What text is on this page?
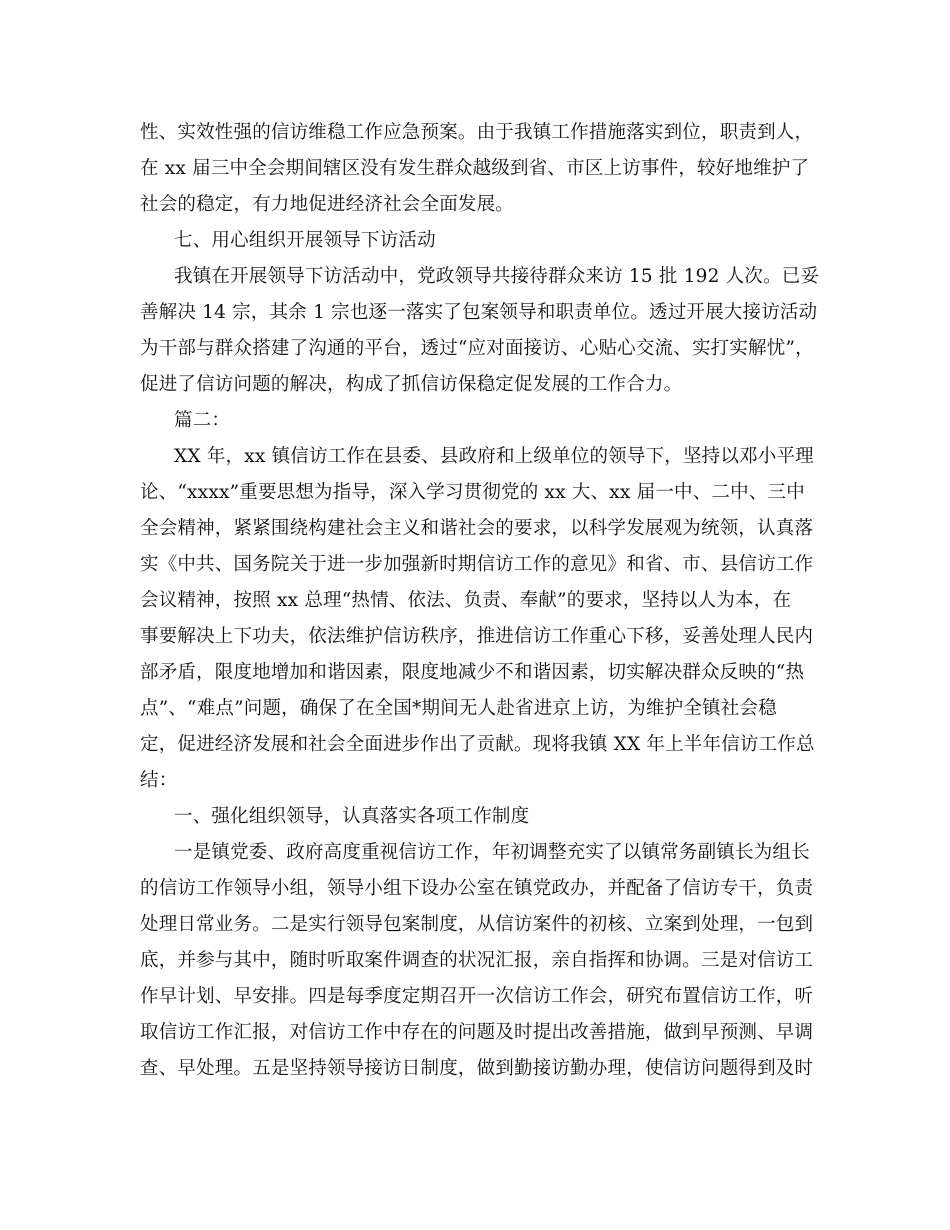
性、实效性强的信访维稳工作应急预案。由于我镇工作措施落实到位，职责到人，
在 xx 届三中全会期间辖区没有发生群众越级到省、市区上访事件，较好地维护了
社会的稳定，有力地促进经济社会全面发展。
七、用心组织开展领导下访活动
我镇在开展领导下访活动中，党政领导共接待群众来访 15 批 192 人次。已妥
善解决 14 宗，其余 1 宗也逐一落实了包案领导和职责单位。透过开展大接访活动
为干部与群众搭建了沟通的平台，透过“应对面接访、心贴心交流、实打实解忧”，
促进了信访问题的解决，构成了抓信访保稳定促发展的工作合力。
篇二：
XX 年，xx 镇信访工作在县委、县政府和上级单位的领导下，坚持以邓小平理
论、“xxxx”重要思想为指导，深入学习贯彻党的 xx 大、xx 届一中、二中、三中
全会精神，紧紧围绕构建社会主义和谐社会的要求，以科学发展观为统领，认真落
实《中共、国务院关于进一步加强新时期信访工作的意见》和省、市、县信访工作
会议精神，按照 xx 总理“热情、依法、负责、奉献”的要求，坚持以人为本，在
事要解决上下功夫，依法维护信访秩序，推进信访工作重心下移，妥善处理人民内
部矛盾，限度地增加和谐因素，限度地减少不和谐因素，切实解决群众反映的“热
点”、“难点”问题，确保了在全国*期间无人赴省进京上访，为维护全镇社会稳
定，促进经济发展和社会全面进步作出了贡献。现将我镇 XX 年上半年信访工作总
结：
一、强化组织领导，认真落实各项工作制度
一是镇党委、政府高度重视信访工作，年初调整充实了以镇常务副镇长为组长
的信访工作领导小组，领导小组下设办公室在镇党政办，并配备了信访专干，负责
处理日常业务。二是实行领导包案制度，从信访案件的初核、立案到处理，一包到
底，并参与其中，随时听取案件调查的状况汇报，亲自指挥和协调。三是对信访工
作早计划、早安排。四是每季度定期召开一次信访工作会，研究布置信访工作，听
取信访工作汇报，对信访工作中存在的问题及时提出改善措施，做到早预测、早调
查、早处理。五是坚持领导接访日制度，做到勤接访勤办理，使信访问题得到及时
